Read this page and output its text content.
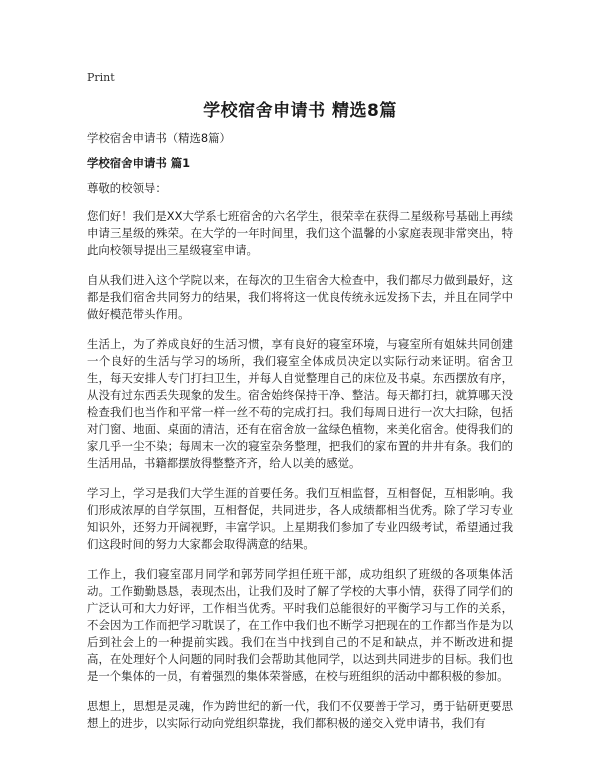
Print
学校宿舍申请书 精选8篇

学校宿舍申请书（精选8篇）

学校宿舍申请书 篇1

尊敬的校领导：

您们好！我们是XX大学系七班宿舍的六名学生，很荣幸在获得二星级称号基础上再续申请三星级的殊荣。在大学的一年时间里，我们这个温馨的小家庭表现非常突出，特此向校领导提出三星级寝室申请。

自从我们进入这个学院以来，在每次的卫生宿舍大检查中，我们都尽力做到最好，这都是我们宿舍共同努力的结果，我们将将这一优良传统永远发扬下去，并且在同学中做好模范带头作用。

生活上，为了养成良好的生活习惯，享有良好的寝室环境，与寝室所有姐妹共同创建一个良好的生活与学习的场所，我们寝室全体成员决定以实际行动来证明。宿舍卫生，每天安排人专门打扫卫生，并每人自觉整理自己的床位及书桌。东西摆放有序，从没有过东西丢失现象的发生。宿舍始终保持干净、整洁。每天都打扫，就算哪天没检查我们也当作和平常一样一丝不苟的完成打扫。我们每周日进行一次大扫除，包括对门窗、地面、桌面的清洁，还有在宿舍放一盆绿色植物，来美化宿舍。使得我们的家几乎一尘不染；每周末一次的寝室杂务整理，把我们的家布置的井井有条。我们的生活用品，书籍都摆放得整整齐齐，给人以美的感觉。

学习上，学习是我们大学生涯的首要任务。我们互相监督，互相督促，互相影响。我们形成浓厚的自学氛围，互相督促，共同进步，各人成绩都相当优秀。除了学习专业知识外，还努力开阔视野，丰富学识。上星期我们参加了专业四级考试，希望通过我们这段时间的努力大家都会取得满意的结果。

工作上，我们寝室邵月同学和郭芳同学担任班干部，成功组织了班级的各项集体活动。工作勤勤恳恳，表现杰出，让我们及时了解了学校的大事小情，获得了同学们的广泛认可和大力好评，工作相当优秀。平时我们总能很好的平衡学习与工作的关系，不会因为工作而把学习耽误了，在工作中我们也不断学习把现在的工作都当作是为以后到社会上的一种提前实践。我们在当中找到自己的不足和缺点，并不断改进和提高，在处理好个人问题的同时我们会帮助其他同学，以达到共同进步的目标。我们也是一个集体的一员，有着强烈的集体荣誉感，在校与班组织的活动中都积极的参加。

思想上，思想是灵魂，作为跨世纪的新一代，我们不仅要善于学习，勇于钻研更要思想上的进步，以实际行动向党组织靠拢，我们都积极的递交入党申请书，我们有
